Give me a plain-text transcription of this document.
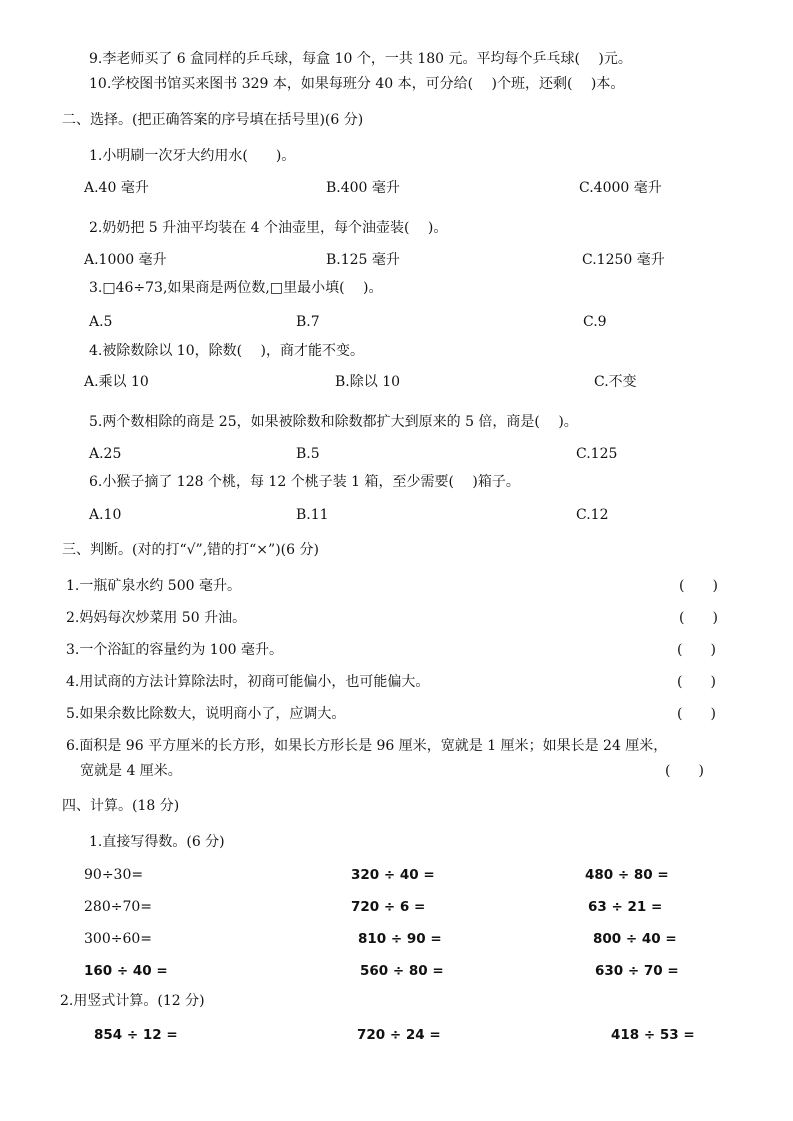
9.李老师买了 6 盒同样的乒乓球，每盒 10 个，一共 180 元。平均每个乒乓球(　 )元。
10.学校图书馆买来图书 329 本，如果每班分 40 本，可分给(　 )个班，还剩(　 )本。
二、选择。(把正确答案的序号填在括号里)(6 分)
1.小明刷一次牙大约用水(　　)。
A.40 毫升	B.400 毫升	C.4000 毫升
2.奶奶把 5 升油平均装在 4 个油壶里，每个油壶装(　 )。
A.1000 毫升	B.125 毫升	C.1250 毫升
3.□46÷73,如果商是两位数,□里最小填(　 )。
A.5	B.7	C.9
4.被除数除以 10，除数(　 )，商才能不变。
A.乘以 10	B.除以 10	C.不变
5.两个数相除的商是 25，如果被除数和除数都扩大到原来的 5 倍，商是(　 )。
A.25	B.5	C.125
6.小猴子摘了 128 个桃，每 12 个桃子装 1 箱，至少需要(　 )箱子。
A.10	B.11	C.12
三、判断。(对的打“√”,错的打“×”)(6 分)
1.一瓶矿泉水约 500 毫升。	(　　)
2.妈妈每次炒菜用 50 升油。	(　　)
3.一个浴缸的容量约为 100 毫升。	(　　)
4.用试商的方法计算除法时，初商可能偏小，也可能偏大。	(　　)
5.如果余数比除数大，说明商小了，应调大。	(　　)
6.面积是 96 平方厘米的长方形，如果长方形长是 96 厘米，宽就是 1 厘米；如果长是 24 厘米，
宽就是 4 厘米。	(　　)
四、计算。(18 分)
1.直接写得数。(6 分)
90÷30=	320 ÷ 40 =	480 ÷ 80 =
280÷70=	720 ÷ 6 =	63 ÷ 21 =
300÷60=	810 ÷ 90 =	800 ÷ 40 =
160 ÷ 40 =	560 ÷ 80 =	630 ÷ 70 =
2.用竖式计算。(12 分)
854 ÷ 12 =	720 ÷ 24 =	418 ÷ 53 =
